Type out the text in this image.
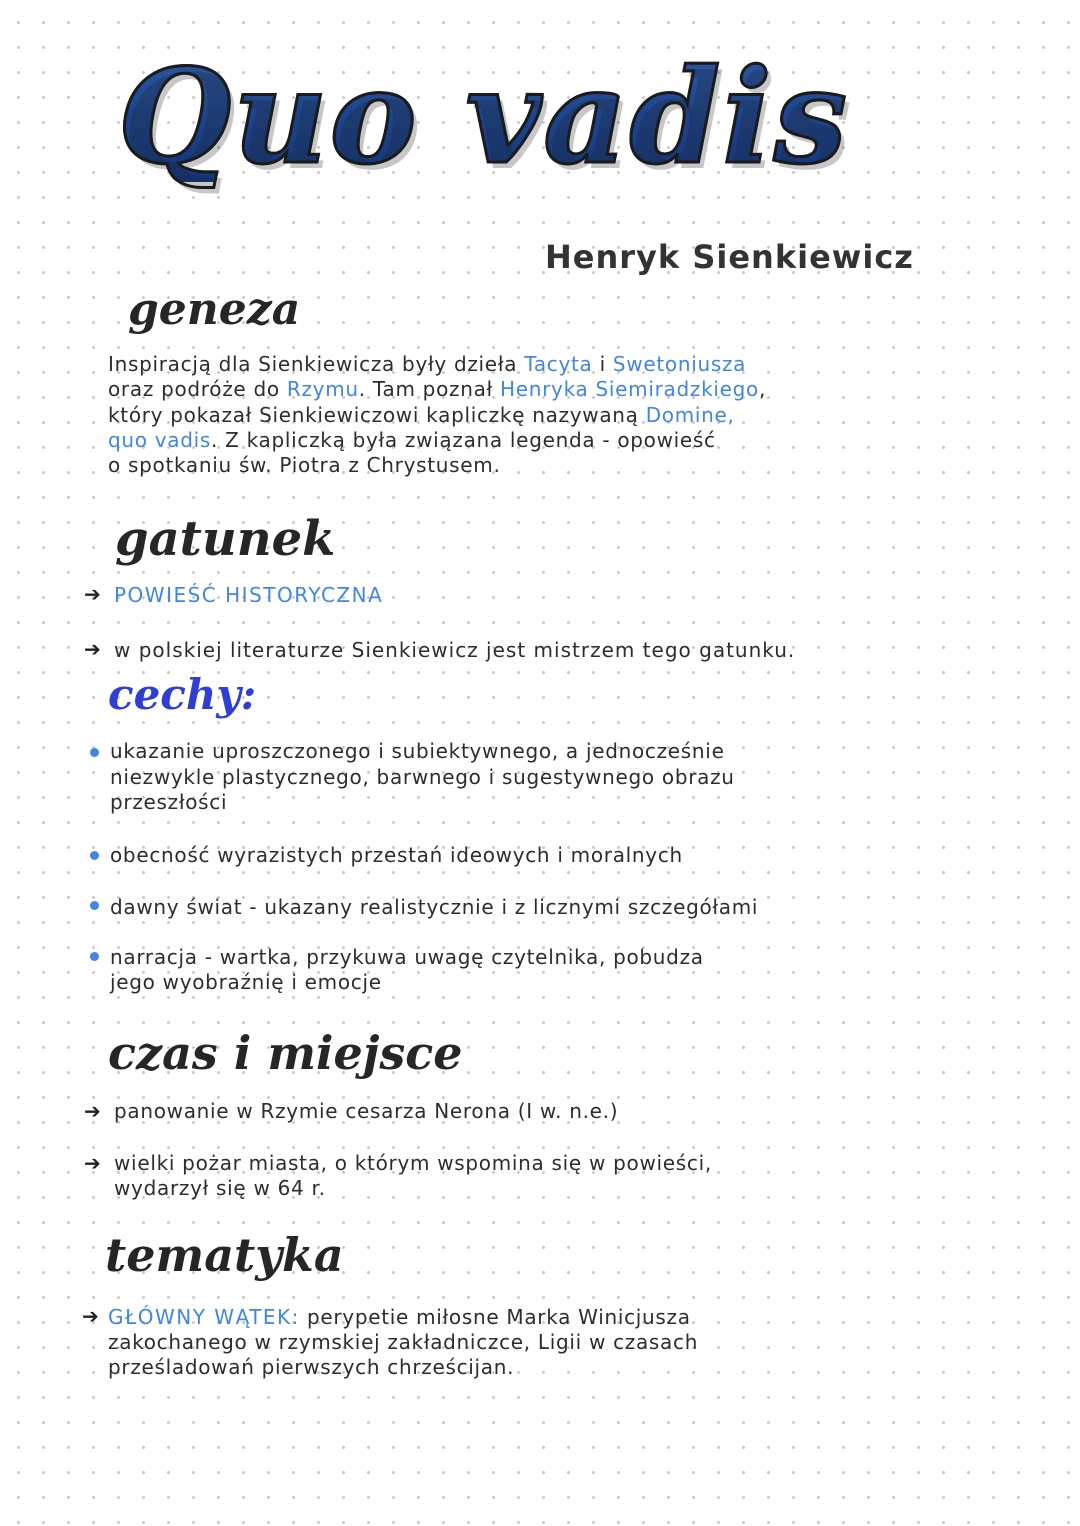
Quo vadis
Henryk Sienkiewicz
geneza
Inspiracją dla Sienkiewicza były dzieła Tacyta i Swetoniusza
oraz podróże do Rzymu. Tam poznał Henryka Siemiradzkiego,
który pokazał Sienkiewiczowi kapliczkę nazywaną Domine,
quo vadis. Z kapliczką była związana legenda - opowieść
o spotkaniu św. Piotra z Chrystusem.
gatunek
➔ POWIEŚĆ HISTORYCZNA
➔ w polskiej literaturze Sienkiewicz jest mistrzem tego gatunku.
cechy:
ukazanie uproszczonego i subiektywnego, a jednocześnie
niezwykle plastycznego, barwnego i sugestywnego obrazu
przeszłości
obecność wyrazistych przestań ideowych i moralnych
dawny świat - ukazany realistycznie i z licznymi szczegółami
narracja - wartka, przykuwa uwagę czytelnika, pobudza
jego wyobraźnię i emocje
czas i miejsce
➔ panowanie w Rzymie cesarza Nerona (I w. n.e.)
➔ wielki pożar miasta, o którym wspomina się w powieści,
wydarzył się w 64 r.
tematyka
➔ GŁÓWNY WĄTEK: perypetie miłosne Marka Winicjusza
zakochanego w rzymskiej zakładniczce, Ligii w czasach
prześladowań pierwszych chrześcijan.
